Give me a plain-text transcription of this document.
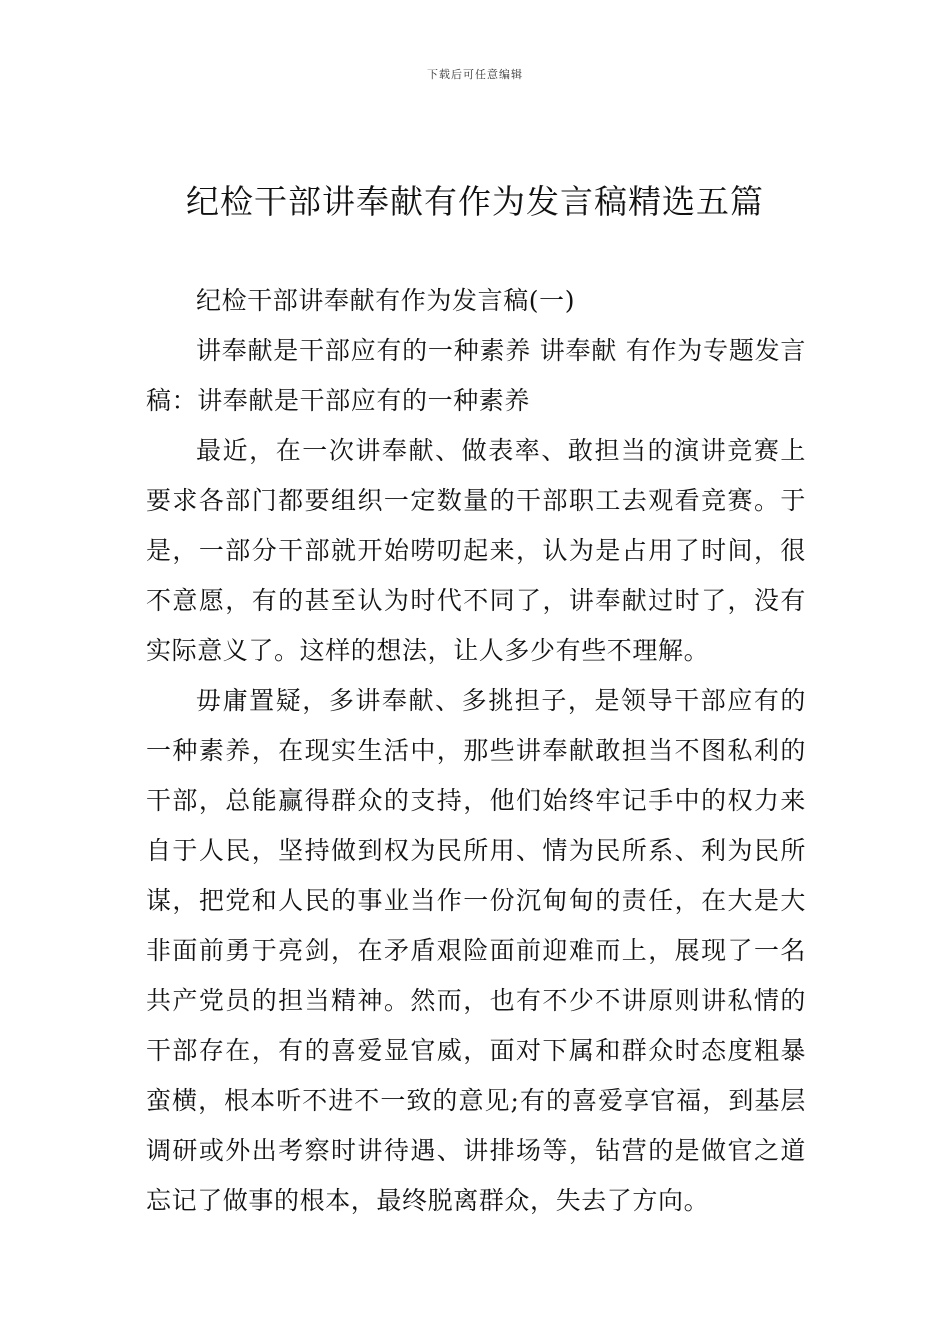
下载后可任意编辑
纪检干部讲奉献有作为发言稿精选五篇

纪检干部讲奉献有作为发言稿(一)

讲奉献是干部应有的一种素养 讲奉献 有作为专题发言稿：讲奉献是干部应有的一种素养

最近，在一次讲奉献、做表率、敢担当的演讲竞赛上要求各部门都要组织一定数量的干部职工去观看竞赛。于是，一部分干部就开始唠叨起来，认为是占用了时间，很不意愿，有的甚至认为时代不同了，讲奉献过时了，没有实际意义了。这样的想法，让人多少有些不理解。

毋庸置疑，多讲奉献、多挑担子，是领导干部应有的一种素养，在现实生活中，那些讲奉献敢担当不图私利的干部，总能赢得群众的支持，他们始终牢记手中的权力来自于人民，坚持做到权为民所用、情为民所系、利为民所谋，把党和人民的事业当作一份沉甸甸的责任，在大是大非面前勇于亮剑，在矛盾艰险面前迎难而上，展现了一名共产党员的担当精神。然而，也有不少不讲原则讲私情的干部存在，有的喜爱显官威，面对下属和群众时态度粗暴蛮横，根本听不进不一致的意见;有的喜爱享官福，到基层调研或外出考察时讲待遇、讲排场等，钻营的是做官之道忘记了做事的根本，最终脱离群众，失去了方向。
